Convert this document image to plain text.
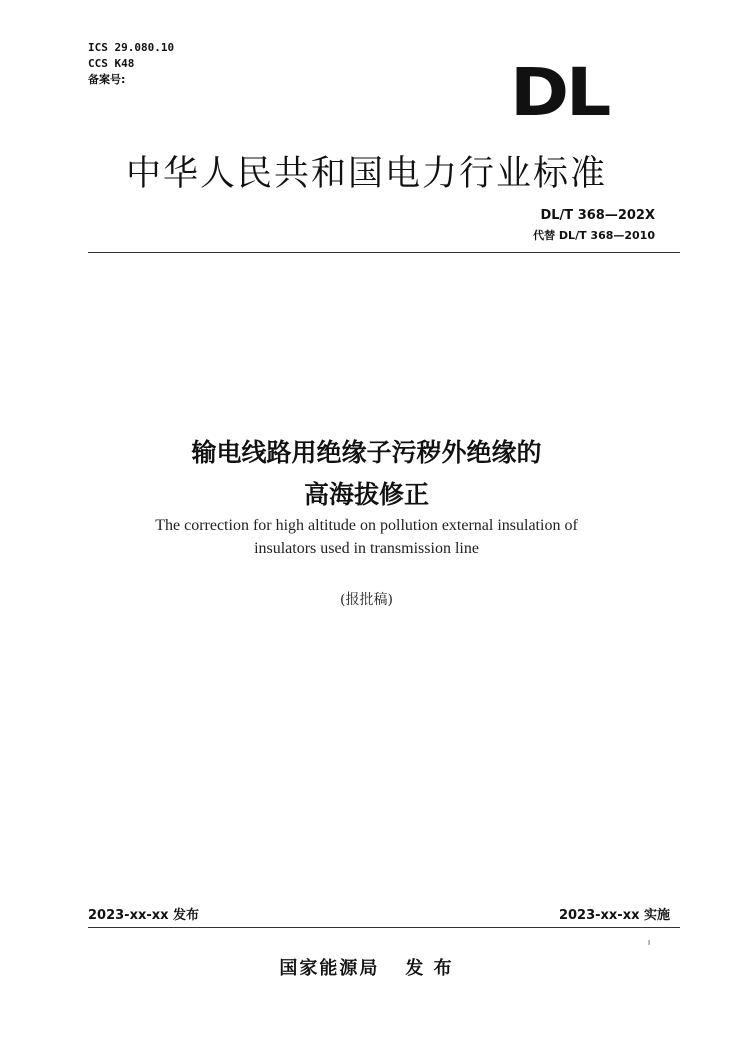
ICS 29.080.10
CCS K48
备案号:	DL
中华人民共和国电力行业标准
DL/T 368—202X
代替 DL/T 368—2010
输电线路用绝缘子污秽外绝缘的
高海拔修正
The correction for high altitude on pollution external insulation of
insulators used in transmission line
(报批稿)
2023-xx-xx 发布	2023-xx-xx 实施
I
国家能源局 发 布
